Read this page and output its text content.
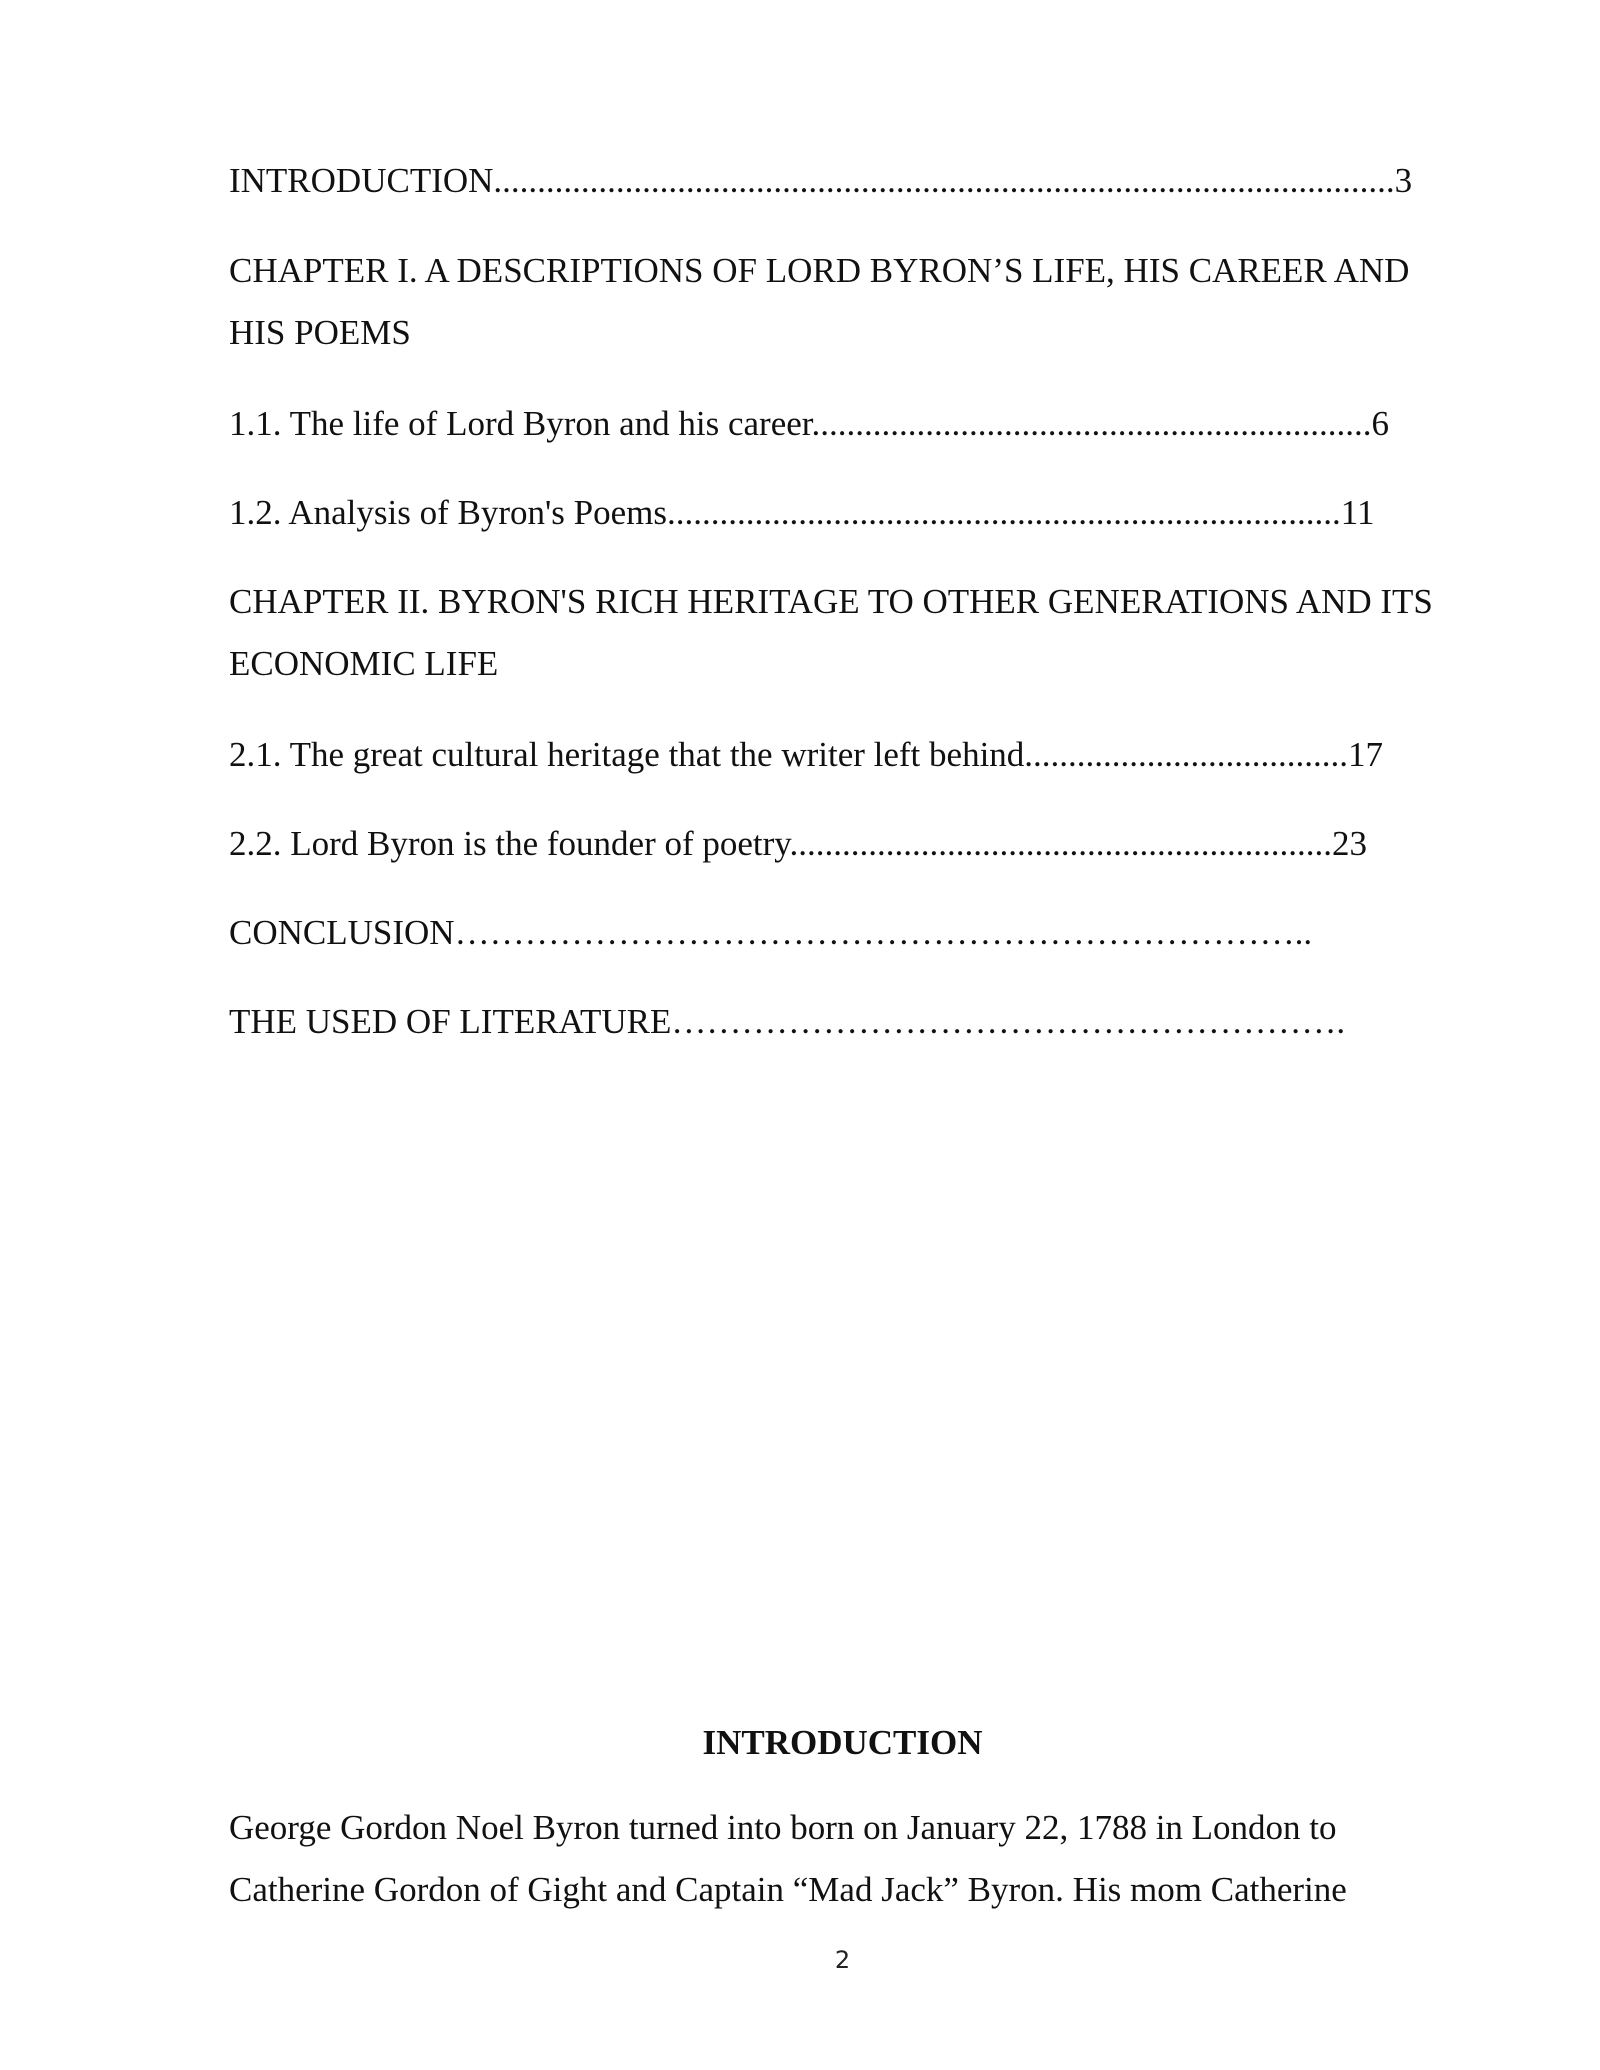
INTRODUCTION.......................................................................................................3
CHAPTER I. A DESCRIPTIONS OF LORD BYRON’S LIFE, HIS CAREER AND HIS POEMS
1.1. The life of Lord Byron and his career................................................................6
1.2. Analysis of Byron's Poems.............................................................................11
CHAPTER II. BYRON'S RICH HERITAGE TO OTHER GENERATIONS AND ITS ECONOMIC LIFE
2.1. The great cultural heritage that the writer left behind.....................................17
2.2. Lord Byron is the founder of poetry..............................................................23
CONCLUSION………………………………………………………………..
THE USED OF LITERATURE………………………………………………….
INTRODUCTION
George Gordon Noel Byron turned into born on January 22, 1788 in London to
Catherine Gordon of Gight and Captain “Mad Jack” Byron. His mom Catherine
2
